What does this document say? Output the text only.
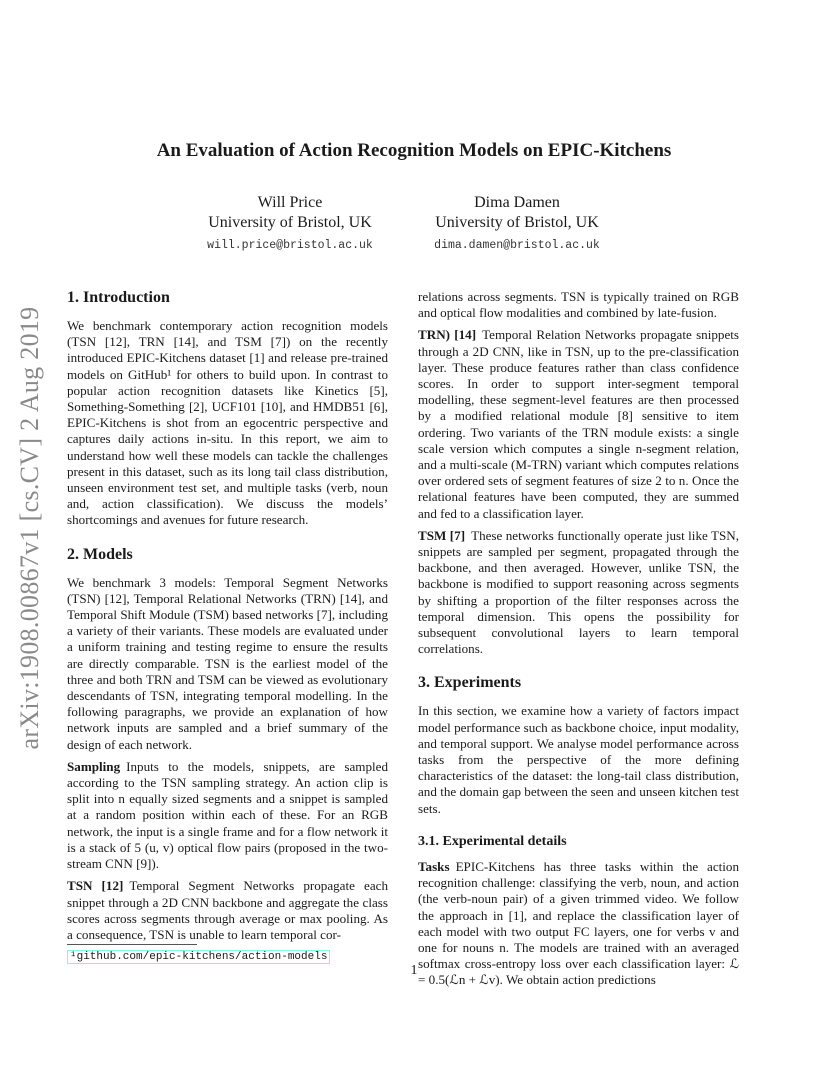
arXiv:1908.00867v1 [cs.CV] 2 Aug 2019
An Evaluation of Action Recognition Models on EPIC-Kitchens
Will Price
University of Bristol, UK
will.price@bristol.ac.uk
Dima Damen
University of Bristol, UK
dima.damen@bristol.ac.uk
1. Introduction

We benchmark contemporary action recognition models (TSN [12], TRN [14], and TSM [7]) on the recently introduced EPIC-Kitchens dataset [1] and release pre-trained models on GitHub¹ for others to build upon. In contrast to popular action recognition datasets like Kinetics [5], Something-Something [2], UCF101 [10], and HMDB51 [6], EPIC-Kitchens is shot from an egocentric perspective and captures daily actions in-situ. In this report, we aim to understand how well these models can tackle the challenges present in this dataset, such as its long tail class distribution, unseen environment test set, and multiple tasks (verb, noun and, action classification). We discuss the models’ shortcomings and avenues for future research.

2. Models

We benchmark 3 models: Temporal Segment Networks (TSN) [12], Temporal Relational Networks (TRN) [14], and Temporal Shift Module (TSM) based networks [7], including a variety of their variants. These models are evaluated under a uniform training and testing regime to ensure the results are directly comparable. TSN is the earliest model of the three and both TRN and TSM can be viewed as evolutionary descendants of TSN, integrating temporal modelling. In the following paragraphs, we provide an explanation of how network inputs are sampled and a brief summary of the design of each network.

Sampling Inputs to the models, snippets, are sampled according to the TSN sampling strategy. An action clip is split into n equally sized segments and a snippet is sampled at a random position within each of these. For an RGB network, the input is a single frame and for a flow network it is a stack of 5 (u, v) optical flow pairs (proposed in the two-stream CNN [9]).

TSN [12] Temporal Segment Networks propagate each snippet through a 2D CNN backbone and aggregate the class scores across segments through average or max pooling. As a consequence, TSN is unable to learn temporal cor-

relations across segments. TSN is typically trained on RGB and optical flow modalities and combined by late-fusion.

TRN) [14] Temporal Relation Networks propagate snippets through a 2D CNN, like in TSN, up to the pre-classification layer. These produce features rather than class confidence scores. In order to support inter-segment temporal modelling, these segment-level features are then processed by a modified relational module [8] sensitive to item ordering. Two variants of the TRN module exists: a single scale version which computes a single n-segment relation, and a multi-scale (M-TRN) variant which computes relations over ordered sets of segment features of size 2 to n. Once the relational features have been computed, they are summed and fed to a classification layer.

TSM [7] These networks functionally operate just like TSN, snippets are sampled per segment, propagated through the backbone, and then averaged. However, unlike TSN, the backbone is modified to support reasoning across segments by shifting a proportion of the filter responses across the temporal dimension. This opens the possibility for subsequent convolutional layers to learn temporal correlations.

3. Experiments

In this section, we examine how a variety of factors impact model performance such as backbone choice, input modality, and temporal support. We analyse model performance across tasks from the perspective of the more defining characteristics of the dataset: the long-tail class distribution, and the domain gap between the seen and unseen kitchen test sets.

3.1. Experimental details

Tasks EPIC-Kitchens has three tasks within the action recognition challenge: classifying the verb, noun, and action (the verb-noun pair) of a given trimmed video. We follow the approach in [1], and replace the classification layer of each model with two output FC layers, one for verbs v and one for nouns n. The models are trained with an averaged softmax cross-entropy loss over each classification layer: ℒ = 0.5(ℒn + ℒv). We obtain action predictions

¹github.com/epic-kitchens/action-models
1
